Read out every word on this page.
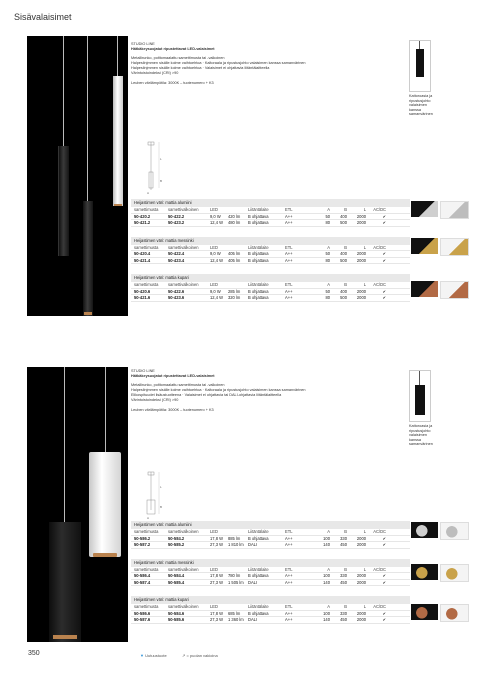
Sisävalaisimet
STUDIO LINE
Hätkäkeysuojatut ripustettavat LED-valaisimet
Metallirunko, polttomaalattu samettimusta tai -valkoinen
Halpeslinjmmen sisälle kolme vaihtoehtoa · Kaltoraala ja ripustusjohto valaisimen kanssa samanvärinen
Halpeslinjmmen sisälle kolme vaihtoehtoa · Valaisimet ei ohjattavia liitäntälaitteella
Värintoistoindeksi (CRI) >90
Leuben värilämpötila: 3000K – tuotenumero + K3
Kattoroasia ja ripustusjohto valaisimen kanssa samanvärinen
L
B
A
Heijastimen väri: mattia alumiini
samettimusta	samettivalkoinen	LED	Liitäntälaite	ETL	A	B	L	AC/DC
50-420.2	50-422.2	9,0 W	420 lm	B ohjattava	A++	50	400	2000	✔
50-421.2	50-423.2	12,4 W	480 lm	B ohjattava	A++	80	500	2000	✔
Heijastimen väri: mattia messinki
samettimusta	samettivalkoinen	LED	Liitäntälaite	ETL	A	B	L	AC/DC
50-420.4	50-422.4	9,0 W	405 lm	B ohjattava	A++	50	400	2000	✔
50-421.4	50-423.4	12,4 W	405 lm	B ohjattava	A++	80	500	2000	✔
Heijastimen väri: mattia kupari
samettimusta	samettivalkoinen	LED	Liitäntälaite	ETL	A	B	L	AC/DC
50-420.6	50-422.6	9,0 W	285 lm	B ohjattava	A++	50	400	2000	✔
50-421.6	50-423.6	12,4 W	320 lm	B ohjattava	A++	80	500	2000	✔
STUDIO LINE
Hätkäkeysuojatut ripustettavat LED-valaisimet
Metallirunko, polttomaalattu samettimusta tai -valkoinen
Halpeslinjmmen sisälle kolme vaihtoehtoa · Kaltoraala ja ripustusjohto valaisimen kanssa samanvärinen
Elikospituudet lisäustuotteena · Valaisimet ei ohjattavia tai DALI-ohjattavia liitäntälaitteella
Värintoistoindeksi (CRI) >90
Leuben värilämpötila: 3000K – tuotenumero + K3
Kattoroasia ja ripustusjohto valaisimen kanssa samanvärinen
L
B
A
Heijastimen väri: mattia alumiini
samettimusta	samettivalkoinen	LED	Liitäntälaite	ETL	A	B	L	AC/DC
50-586.2	50-584.2	17,8 W	885 lm	B ohjattava	A++	100	330	2000	✔
50-587.2	50-585.2	27,3 W	1 810 lm	DALI	A++	140	450	2000	✔
Heijastimen väri: mattia messinki
samettimusta	samettivalkoinen	LED	Liitäntälaite	ETL	A	B	L	AC/DC
50-586.4	50-584.4	17,8 W	780 lm	B ohjattava	A++	100	330	2000	✔
50-587.4	50-585.4	27,3 W	1 505 lm	DALI	A++	140	450	2000	✔
Heijastimen väri: mattia kupari
samettimusta	samettivalkoinen	LED	Liitäntälaite	ETL	A	B	L	AC/DC
50-586.6	50-584.6	17,8 W	685 lm	B ohjattava	A++	100	330	2000	✔
50-587.6	50-585.6	27,3 W	1 360 lm	DALI	A++	140	450	2000	✔
350	▼ Uutuustuote	↗ = puolan vakioina
